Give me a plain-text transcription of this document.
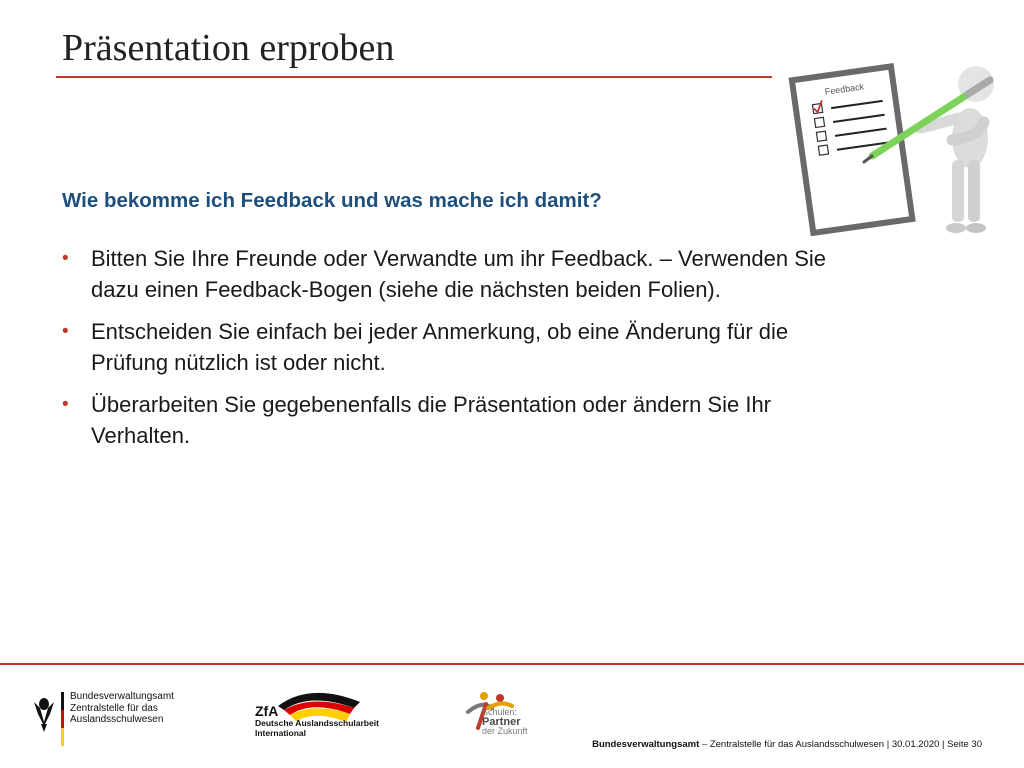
Präsentation erproben
Feedback
Wie bekomme ich Feedback und was mache ich damit?
• Bitten Sie Ihre Freunde oder Verwandte um ihr Feedback. – Verwenden Sie dazu einen Feedback-Bogen (siehe die nächsten beiden Folien).
• Entscheiden Sie einfach bei jeder Anmerkung, ob eine Änderung für die Prüfung nützlich ist oder nicht.
• Überarbeiten Sie gegebenenfalls die Präsentation oder ändern Sie Ihr Verhalten.
Bundesverwaltungsamt
Zentralstelle für das
Auslandsschulwesen
ZfA
Deutsche Auslandsschularbeit
International
Schulen:
Partner
der Zukunft
Bundesverwaltungsamt – Zentralstelle für das Auslandsschulwesen | 30.01.2020 | Seite 30
